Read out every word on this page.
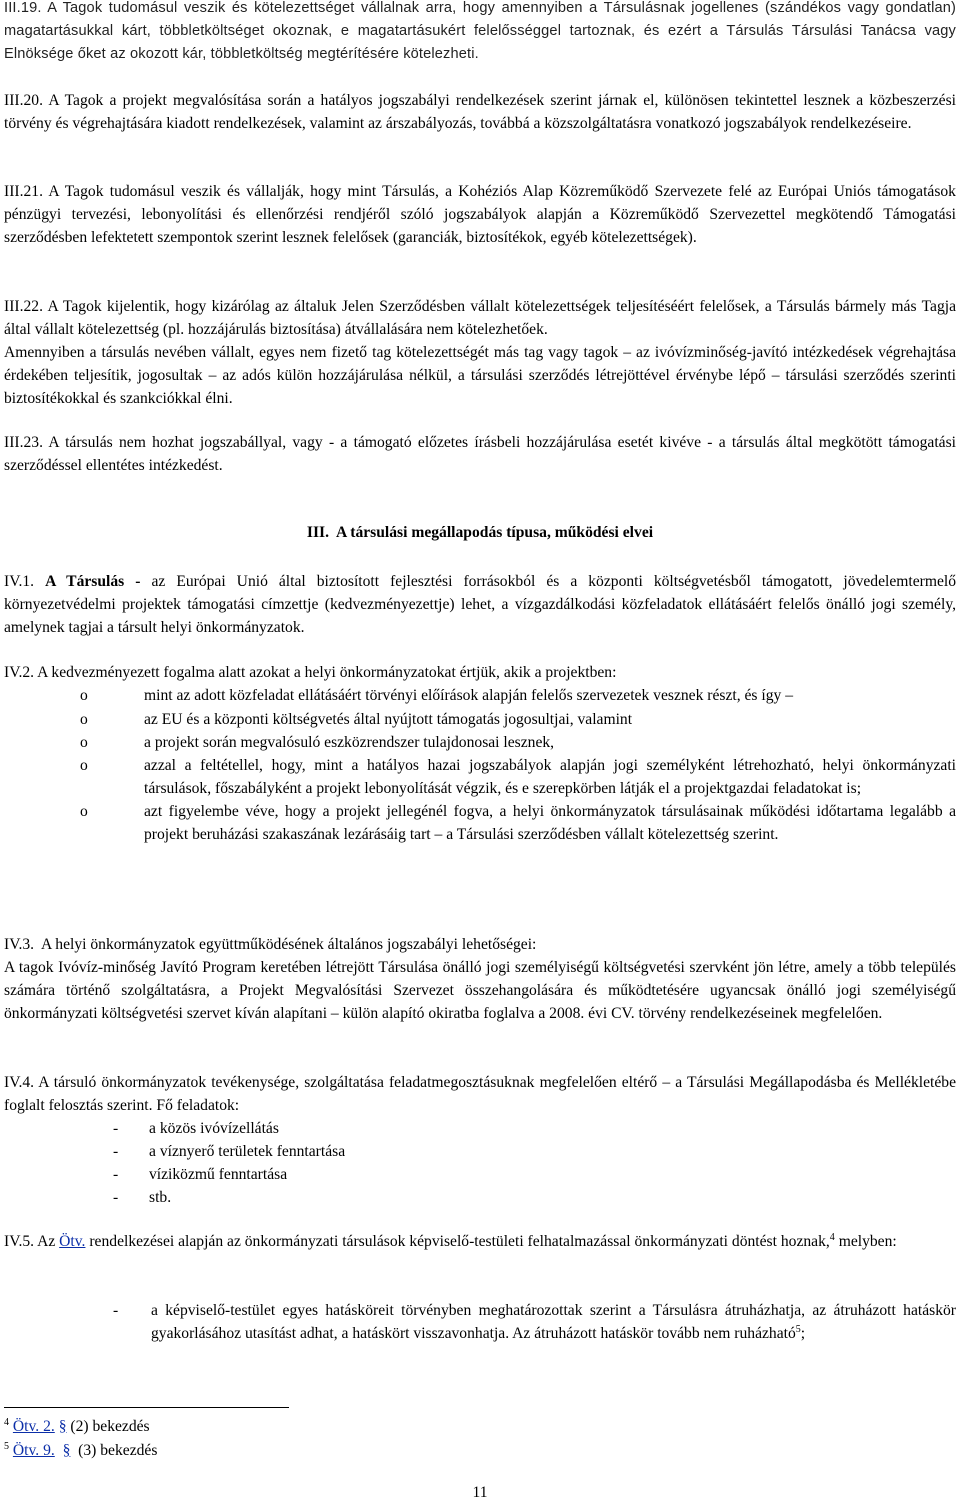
III.19. A Tagok tudomásul veszik és kötelezettséget vállalnak arra, hogy amennyiben a Társulásnak jogellenes (szándékos vagy gondatlan) magatartásukkal kárt, többletköltséget okoznak, e magatartásukért felelősséggel tartoznak, és ezért a Társulás Társulási Tanácsa vagy Elnöksége őket az okozott kár, többletköltség megtérítésére kötelezheti.

III.20. A Tagok a projekt megvalósítása során a hatályos jogszabályi rendelkezések szerint járnak el, különösen tekintettel lesznek a közbeszerzési törvény és végrehajtására kiadott rendelkezések, valamint az árszabályozás, továbbá a közszolgáltatásra vonatkozó jogszabályok rendelkezéseire.

III.21. A Tagok tudomásul veszik és vállalják, hogy mint Társulás, a Kohéziós Alap Közreműködő Szervezete felé az Európai Uniós támogatások pénzügyi tervezési, lebonyolítási és ellenőrzési rendjéről szóló jogszabályok alapján a Közreműködő Szervezettel megkötendő Támogatási szerződésben lefektetett szempontok szerint lesznek felelősek (garanciák, biztosítékok, egyéb kötelezettségek).

III.22. A Tagok kijelentik, hogy kizárólag az általuk Jelen Szerződésben vállalt kötelezettségek teljesítéséért felelősek, a Társulás bármely más Tagja által vállalt kötelezettség (pl. hozzájárulás biztosítása) átvállalására nem kötelezhetőek.
Amennyiben a társulás nevében vállalt, egyes nem fizető tag kötelezettségét más tag vagy tagok – az ivóvízminőség-javító intézkedések végrehajtása érdekében teljesítik, jogosultak – az adós külön hozzájárulása nélkül, a társulási szerződés létrejöttével érvénybe lépő – társulási szerződés szerinti biztosítékokkal és szankciókkal élni.

III.23. A társulás nem hozhat jogszabállyal, vagy - a támogató előzetes írásbeli hozzájárulása esetét kivéve - a társulás által megkötött támogatási szerződéssel ellentétes intézkedést.

III. A társulási megállapodás típusa, működési elvei

IV.1. A Társulás - az Európai Unió által biztosított fejlesztési forrásokból és a központi költségvetésből támogatott, jövedelemtermelő környezetvédelmi projektek támogatási címzettje (kedvezményezettje) lehet, a vízgazdálkodási közfeladatok ellátásáért felelős önálló jogi személy, amelynek tagjai a társult helyi önkormányzatok.

IV.2. A kedvezményezett fogalma alatt azokat a helyi önkormányzatokat értjük, akik a projektben:

o	mint az adott közfeladat ellátásáért törvényi előírások alapján felelős szervezetek vesznek részt, és így –
o	az EU és a központi költségvetés által nyújtott támogatás jogosultjai, valamint
o	a projekt során megvalósuló eszközrendszer tulajdonosai lesznek,
o	azzal a feltétellel, hogy, mint a hatályos hazai jogszabályok alapján jogi személyként létrehozható, helyi önkormányzati társulások, főszabályként a projekt lebonyolítását végzik, és e szerepkörben látják el a projektgazdai feladatokat is;
o	azt figyelembe véve, hogy a projekt jellegénél fogva, a helyi önkormányzatok társulásainak működési időtartama legalább a projekt beruházási szakaszának lezárásáig tart – a Társulási szerződésben vállalt kötelezettség szerint.

IV.3. A helyi önkormányzatok együttműködésének általános jogszabályi lehetőségei:
A tagok Ivóvíz-minőség Javító Program keretében létrejött Társulása önálló jogi személyiségű költségvetési szervként jön létre, amely a több település számára történő szolgáltatásra, a Projekt Megvalósítási Szervezet összehangolására és működtetésére ugyancsak önálló jogi személyiségű önkormányzati költségvetési szervet kíván alapítani – külön alapító okiratba foglalva a 2008. évi CV. törvény rendelkezéseinek megfelelően.

IV.4. A társuló önkormányzatok tevékenysége, szolgáltatása feladatmegosztásuknak megfelelően eltérő – a Társulási Megállapodásba és Mellékletébe foglalt felosztás szerint. Fő feladatok:

- a közös ivóvízellátás
- a víznyerő területek fenntartása
- víziközmű fenntartása
- stb.

IV.5. Az Ötv. rendelkezései alapján az önkormányzati társulások képviselő-testületi felhatalmazással önkormányzati döntést hoznak,$^4$ melyben:

- a képviselő-testület egyes hatásköreit törvényben meghatározottak szerint a Társulásra átruházhatja, az átruházott hatáskör gyakorlásához utasítást adhat, a hatáskört visszavonhatja. Az átruházott hatáskör tovább nem ruházható$^5$;
$^4$ Ötv. 2. § (2) bekezdés
$^5$ Ötv. 9. § (3) bekezdés
11
